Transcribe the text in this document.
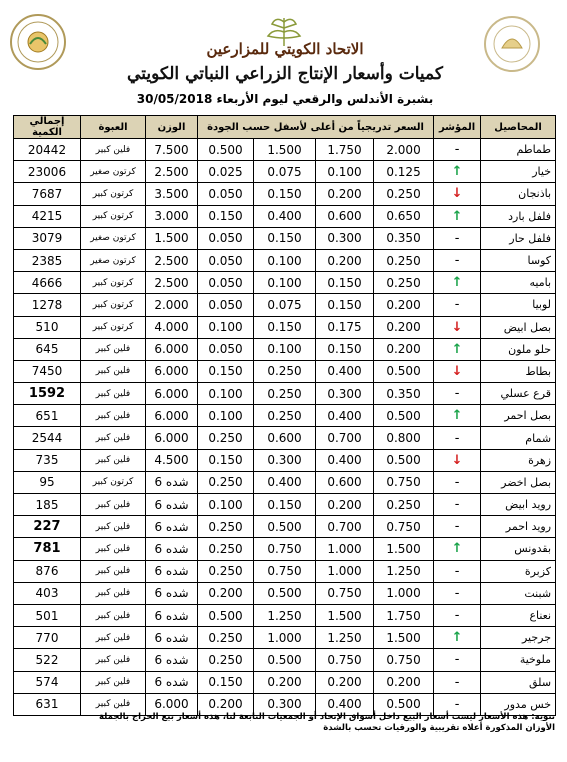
الاتحاد الكويتي للمزارعين
كميات وأسعار الإنتاج الزراعي النباتي الكويتي
بشبرة الأندلس والرقعي ليوم الأربعاء 30/05/2018
إجمالي الكمية	العبوة	الوزن	السعر تدريجياً من أعلى لأسفل حسب الجودة				المؤشر	المحاصيل
20442	فلين كبير	7.500	0.500	1.500	1.750	2.000	-	طماطم
23006	كرتون صغير	2.500	0.025	0.075	0.100	0.125	↑	خيار
7687	كرتون كبير	3.500	0.050	0.150	0.200	0.250	↓	باذنجان
4215	كرتون كبير	3.000	0.150	0.400	0.600	0.650	↑	فلفل بارد
3079	كرتون صغير	1.500	0.050	0.150	0.300	0.350	-	فلفل حار
2385	كرتون صغير	2.500	0.050	0.100	0.200	0.250	-	كوسا
4666	كرتون كبير	2.500	0.050	0.100	0.150	0.250	↑	باميه
1278	كرتون كبير	2.000	0.050	0.075	0.150	0.200	-	لوبيا
510	كرتون كبير	4.000	0.100	0.150	0.175	0.200	↓	بصل ابيض
645	فلين كبير	6.000	0.050	0.100	0.150	0.200	↑	حلو ملون
7450	فلين كبير	6.000	0.150	0.250	0.400	0.500	↓	بطاط
1592	فلين كبير	6.000	0.100	0.250	0.300	0.350	-	قرع عسلي
651	فلين كبير	6.000	0.100	0.250	0.400	0.500	↑	بصل احمر
2544	فلين كبير	6.000	0.250	0.600	0.700	0.800	-	شمام
735	فلين كبير	4.500	0.150	0.300	0.400	0.500	↓	زهرة
95	كرتون كبير	6 شده	0.250	0.400	0.600	0.750	-	بصل اخضر
185	فلين كبير	6 شده	0.100	0.150	0.200	0.250	-	رويد ابيض
227	فلين كبير	6 شده	0.250	0.500	0.700	0.750	-	رويد احمر
781	فلين كبير	6 شده	0.250	0.750	1.000	1.500	↑	بقدونس
876	فلين كبير	6 شده	0.250	0.750	1.000	1.250	-	كزبرة
403	فلين كبير	6 شده	0.200	0.500	0.750	1.000	-	شبنت
501	فلين كبير	6 شده	0.500	1.250	1.500	1.750	-	نعناع
770	فلين كبير	6 شده	0.250	1.000	1.250	1.500	↑	جرجير
522	فلين كبير	6 شده	0.250	0.500	0.750	0.750	-	ملوخية
574	فلين كبير	6 شده	0.150	0.200	0.200	0.200	-	سلق
631	فلين كبير	6.000	0.200	0.300	0.400	0.500	-	خس مدور
تنويه: هذه الأسعار ليست أسعار البيع داخل أسواق الإتحاد أو الجمعيات التابعة لنا، هذه أسعار بيع الحراج بالجملة
الأوزان المذكورة أعلاه تقريبية والورقيات تحسب بالشدة
